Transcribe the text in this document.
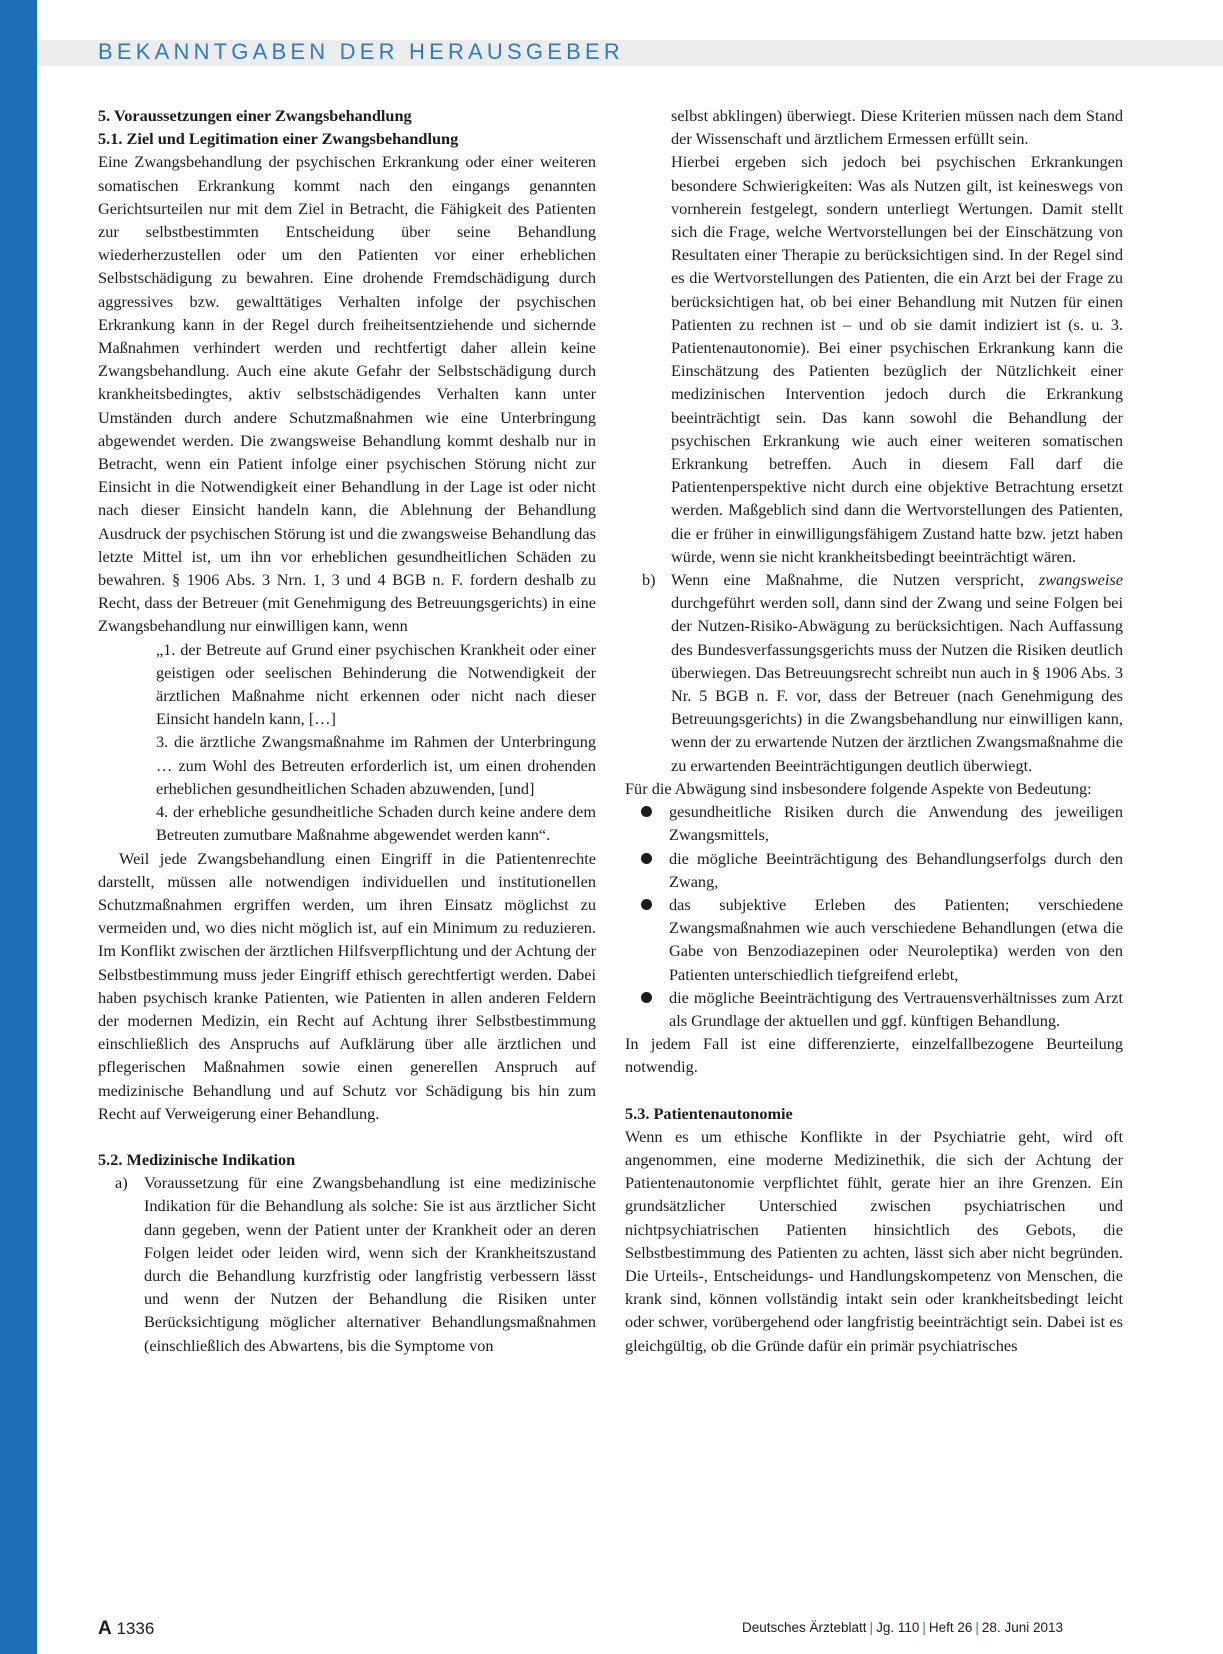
BEKANNTGABEN DER HERAUSGEBER

5. Voraussetzungen einer Zwangsbehandlung

5.1. Ziel und Legitimation einer Zwangsbehandlung

Eine Zwangsbehandlung der psychischen Erkrankung oder einer weiteren somatischen Erkrankung kommt nach den eingangs genannten Gerichtsurteilen nur mit dem Ziel in Betracht, die Fähigkeit des Patienten zur selbstbestimmten Entscheidung über seine Behandlung wiederherzustellen oder um den Patienten vor einer erheblichen Selbstschädigung zu bewahren. Eine drohende Fremdschädigung durch aggressives bzw. gewalttätiges Verhalten infolge der psychischen Erkrankung kann in der Regel durch freiheitsentziehende und sichernde Maßnahmen verhindert werden und rechtfertigt daher allein keine Zwangsbehandlung. Auch eine akute Gefahr der Selbstschädigung durch krankheitsbedingtes, aktiv selbstschädigendes Verhalten kann unter Umständen durch andere Schutzmaßnahmen wie eine Unterbringung abgewendet werden. Die zwangsweise Behandlung kommt deshalb nur in Betracht, wenn ein Patient infolge einer psychischen Störung nicht zur Einsicht in die Notwendigkeit einer Behandlung in der Lage ist oder nicht nach dieser Einsicht handeln kann, die Ablehnung der Behandlung Ausdruck der psychischen Störung ist und die zwangsweise Behandlung das letzte Mittel ist, um ihn vor erheblichen gesundheitlichen Schäden zu bewahren. § 1906 Abs. 3 Nrn. 1, 3 und 4 BGB n. F. fordern deshalb zu Recht, dass der Betreuer (mit Genehmigung des Betreuungsgerichts) in eine Zwangsbehandlung nur einwilligen kann, wenn

„1. der Betreute auf Grund einer psychischen Krankheit oder einer geistigen oder seelischen Behinderung die Notwendigkeit der ärztlichen Maßnahme nicht erkennen oder nicht nach dieser Einsicht handeln kann, […]

3. die ärztliche Zwangsmaßnahme im Rahmen der Unterbringung … zum Wohl des Betreuten erforderlich ist, um einen drohenden erheblichen gesundheitlichen Schaden abzuwenden, [und]

4. der erhebliche gesundheitliche Schaden durch keine andere dem Betreuten zumutbare Maßnahme abgewendet werden kann“.

Weil jede Zwangsbehandlung einen Eingriff in die Patientenrechte darstellt, müssen alle notwendigen individuellen und institutionellen Schutzmaßnahmen ergriffen werden, um ihren Einsatz möglichst zu vermeiden und, wo dies nicht möglich ist, auf ein Minimum zu reduzieren. Im Konflikt zwischen der ärztlichen Hilfsverpflichtung und der Achtung der Selbstbestimmung muss jeder Eingriff ethisch gerechtfertigt werden. Dabei haben psychisch kranke Patienten, wie Patienten in allen anderen Feldern der modernen Medizin, ein Recht auf Achtung ihrer Selbstbestimmung einschließlich des Anspruchs auf Aufklärung über alle ärztlichen und pflegerischen Maßnahmen sowie einen generellen Anspruch auf medizinische Behandlung und auf Schutz vor Schädigung bis hin zum Recht auf Verweigerung einer Behandlung.

5.2. Medizinische Indikation

a) Voraussetzung für eine Zwangsbehandlung ist eine medizinische Indikation für die Behandlung als solche: Sie ist aus ärztlicher Sicht dann gegeben, wenn der Patient unter der Krankheit oder an deren Folgen leidet oder leiden wird, wenn sich der Krankheitszustand durch die Behandlung kurzfristig oder langfristig verbessern lässt und wenn der Nutzen der Behandlung die Risiken unter Berücksichtigung möglicher alternativer Behandlungsmaßnahmen (einschließlich des Abwartens, bis die Symptome von

selbst abklingen) überwiegt. Diese Kriterien müssen nach dem Stand der Wissenschaft und ärztlichem Ermessen erfüllt sein.

Hierbei ergeben sich jedoch bei psychischen Erkrankungen besondere Schwierigkeiten: Was als Nutzen gilt, ist keineswegs von vornherein festgelegt, sondern unterliegt Wertungen. Damit stellt sich die Frage, welche Wertvorstellungen bei der Einschätzung von Resultaten einer Therapie zu berücksichtigen sind. In der Regel sind es die Wertvorstellungen des Patienten, die ein Arzt bei der Frage zu berücksichtigen hat, ob bei einer Behandlung mit Nutzen für einen Patienten zu rechnen ist – und ob sie damit indiziert ist (s. u. 3. Patientenautonomie). Bei einer psychischen Erkrankung kann die Einschätzung des Patienten bezüglich der Nützlichkeit einer medizinischen Intervention jedoch durch die Erkrankung beeinträchtigt sein. Das kann sowohl die Behandlung der psychischen Erkrankung wie auch einer weiteren somatischen Erkrankung betreffen. Auch in diesem Fall darf die Patientenperspektive nicht durch eine objektive Betrachtung ersetzt werden. Maßgeblich sind dann die Wertvorstellungen des Patienten, die er früher in einwilligungsfähigem Zustand hatte bzw. jetzt haben würde, wenn sie nicht krankheitsbedingt beeinträchtigt wären.

b) Wenn eine Maßnahme, die Nutzen verspricht, zwangsweise durchgeführt werden soll, dann sind der Zwang und seine Folgen bei der Nutzen-Risiko-Abwägung zu berücksichtigen. Nach Auffassung des Bundesverfassungsgerichts muss der Nutzen die Risiken deutlich überwiegen. Das Betreuungsrecht schreibt nun auch in § 1906 Abs. 3 Nr. 5 BGB n. F. vor, dass der Betreuer (nach Genehmigung des Betreuungsgerichts) in die Zwangsbehandlung nur einwilligen kann, wenn der zu erwartende Nutzen der ärztlichen Zwangsmaßnahme die zu erwartenden Beeinträchtigungen deutlich überwiegt.

Für die Abwägung sind insbesondere folgende Aspekte von Bedeutung:

gesundheitliche Risiken durch die Anwendung des jeweiligen Zwangsmittels,

die mögliche Beeinträchtigung des Behandlungserfolgs durch den Zwang,

das subjektive Erleben des Patienten; verschiedene Zwangsmaßnahmen wie auch verschiedene Behandlungen (etwa die Gabe von Benzodiazepinen oder Neuroleptika) werden von den Patienten unterschiedlich tiefgreifend erlebt,

die mögliche Beeinträchtigung des Vertrauensverhältnisses zum Arzt als Grundlage der aktuellen und ggf. künftigen Behandlung.

In jedem Fall ist eine differenzierte, einzelfallbezogene Beurteilung notwendig.

5.3. Patientenautonomie

Wenn es um ethische Konflikte in der Psychiatrie geht, wird oft angenommen, eine moderne Medizinethik, die sich der Achtung der Patientenautonomie verpflichtet fühlt, gerate hier an ihre Grenzen. Ein grundsätzlicher Unterschied zwischen psychiatrischen und nichtpsychiatrischen Patienten hinsichtlich des Gebots, die Selbstbestimmung des Patienten zu achten, lässt sich aber nicht begründen. Die Urteils-, Entscheidungs- und Handlungskompetenz von Menschen, die krank sind, können vollständig intakt sein oder krankheitsbedingt leicht oder schwer, vorübergehend oder langfristig beeinträchtigt sein. Dabei ist es gleichgültig, ob die Gründe dafür ein primär psychiatrisches

A 1336	Deutsches Ärzteblatt | Jg. 110 | Heft 26 | 28. Juni 2013
